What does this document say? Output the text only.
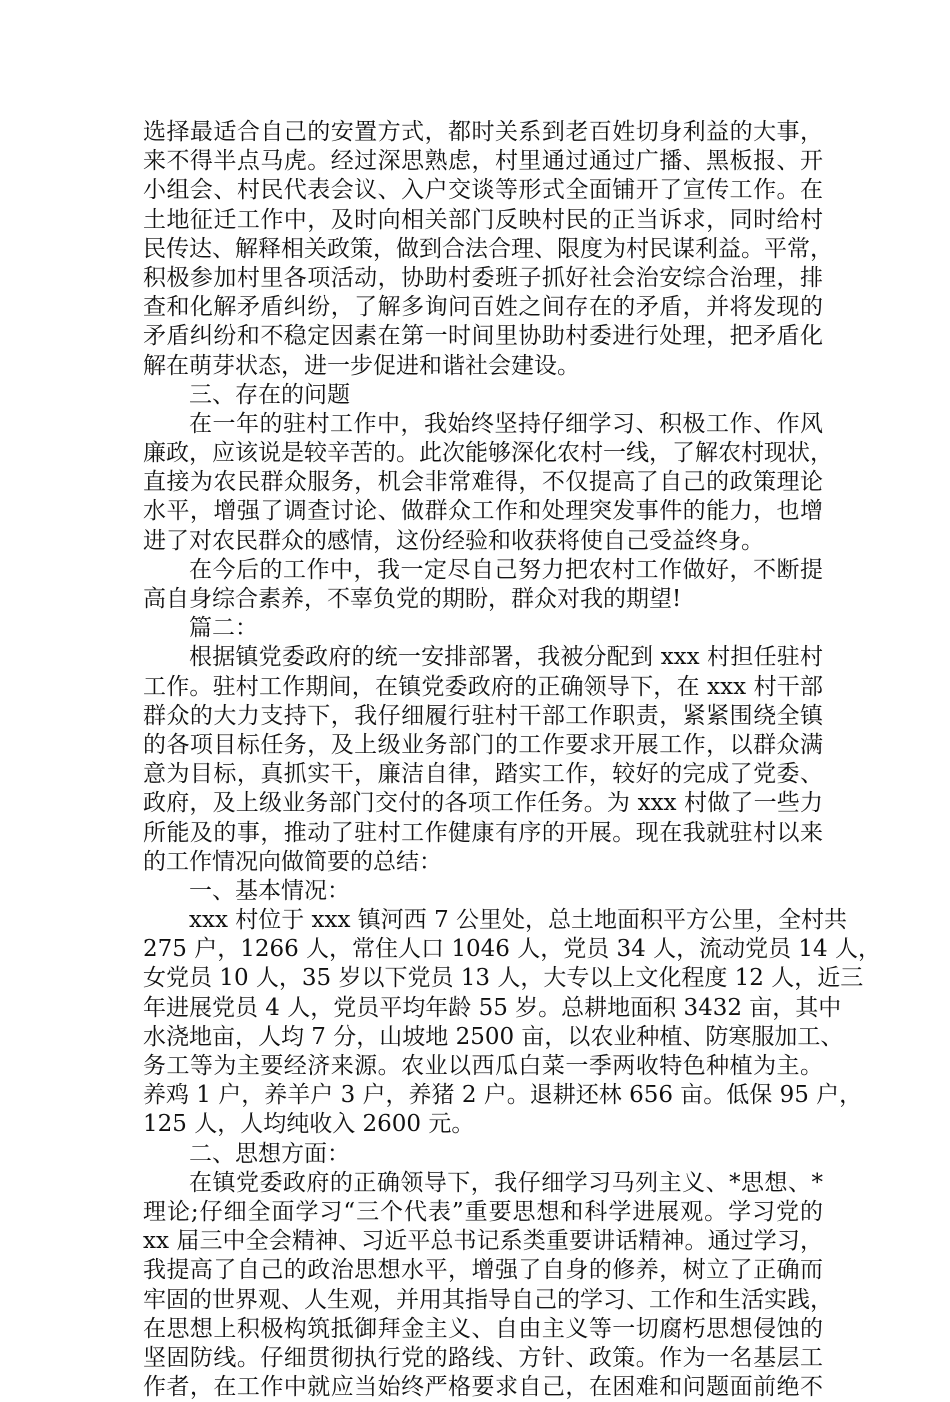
选择最适合自己的安置方式，都时关系到老百姓切身利益的大事，
来不得半点马虎。经过深思熟虑，村里通过通过广播、黑板报、开
小组会、村民代表会议、入户交谈等形式全面铺开了宣传工作。在
土地征迁工作中，及时向相关部门反映村民的正当诉求，同时给村
民传达、解释相关政策，做到合法合理、限度为村民谋利益。平常，
积极参加村里各项活动，协助村委班子抓好社会治安综合治理，排
查和化解矛盾纠纷，了解多询问百姓之间存在的矛盾，并将发现的
矛盾纠纷和不稳定因素在第一时间里协助村委进行处理，把矛盾化
解在萌芽状态，进一步促进和谐社会建设。
三、存在的问题
在一年的驻村工作中，我始终坚持仔细学习、积极工作、作风
廉政，应该说是较辛苦的。此次能够深化农村一线，了解农村现状，
直接为农民群众服务，机会非常难得，不仅提高了自己的政策理论
水平，增强了调查讨论、做群众工作和处理突发事件的能力，也增
进了对农民群众的感情，这份经验和收获将使自己受益终身。
在今后的工作中，我一定尽自己努力把农村工作做好，不断提
高自身综合素养，不辜负党的期盼，群众对我的期望!
篇二：
根据镇党委政府的统一安排部署，我被分配到 xxx 村担任驻村
工作。驻村工作期间，在镇党委政府的正确领导下，在 xxx 村干部
群众的大力支持下，我仔细履行驻村干部工作职责，紧紧围绕全镇
的各项目标任务，及上级业务部门的工作要求开展工作，以群众满
意为目标，真抓实干，廉洁自律，踏实工作，较好的完成了党委、
政府，及上级业务部门交付的各项工作任务。为 xxx 村做了一些力
所能及的事，推动了驻村工作健康有序的开展。现在我就驻村以来
的工作情况向做简要的总结：
一、基本情况：
xxx 村位于 xxx 镇河西 7 公里处，总土地面积平方公里，全村共
275 户，1266 人，常住人口 1046 人，党员 34 人，流动党员 14 人，
女党员 10 人，35 岁以下党员 13 人，大专以上文化程度 12 人，近三
年进展党员 4 人，党员平均年龄 55 岁。总耕地面积 3432 亩，其中
水浇地亩，人均 7 分，山坡地 2500 亩，以农业种植、防寒服加工、
务工等为主要经济来源。农业以西瓜白菜一季两收特色种植为主。
养鸡 1 户，养羊户 3 户，养猪 2 户。退耕还林 656 亩。低保 95 户，
125 人，人均纯收入 2600 元。
二、思想方面：
在镇党委政府的正确领导下，我仔细学习马列主义、*思想、*
理论;仔细全面学习“三个代表”重要思想和科学进展观。学习党的
xx 届三中全会精神、习近平总书记系类重要讲话精神。通过学习，
我提高了自己的政治思想水平，增强了自身的修养，树立了正确而
牢固的世界观、人生观，并用其指导自己的学习、工作和生活实践，
在思想上积极构筑抵御拜金主义、自由主义等一切腐朽思想侵蚀的
坚固防线。仔细贯彻执行党的路线、方针、政策。作为一名基层工
作者，在工作中就应当始终严格要求自己，在困难和问题面前绝不
